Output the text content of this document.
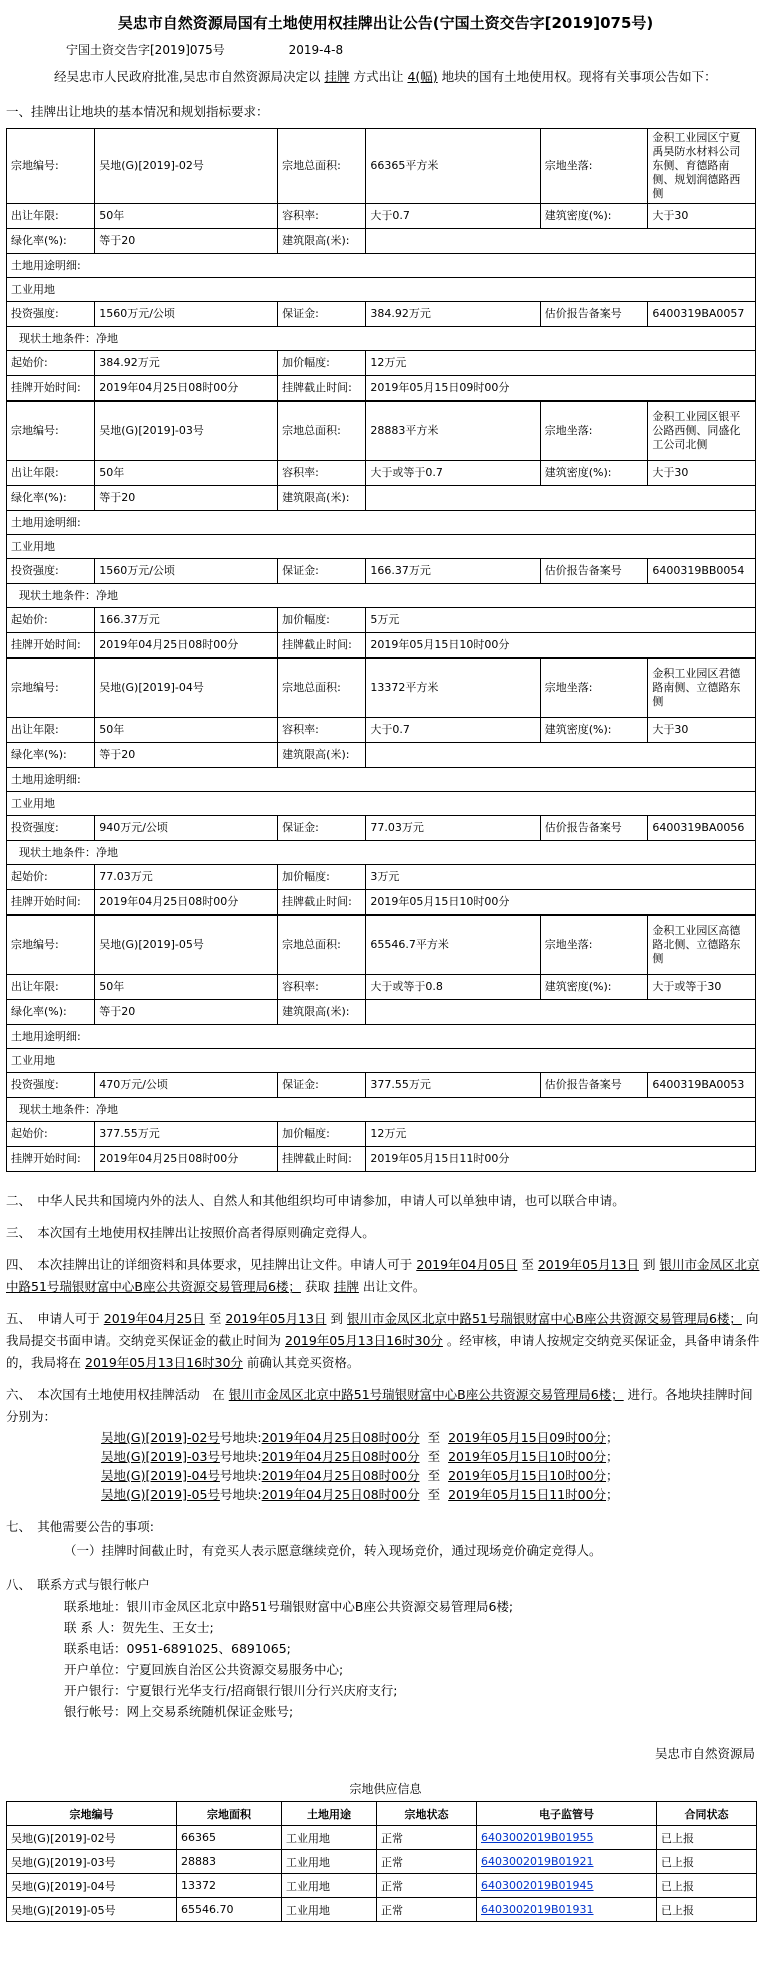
吴忠市自然资源局国有土地使用权挂牌出让公告(宁国土资交告字[2019]075号)
宁国土资交告字[2019]075号	2019-4-8
经吴忠市人民政府批准,吴忠市自然资源局决定以 挂牌 方式出让 4(幅) 地块的国有土地使用权。现将有关事项公告如下：
一、挂牌出让地块的基本情况和规划指标要求：
宗地编号:	吴地(G)[2019]-02号	宗地总面积:	66365平方米	宗地坐落:	金积工业园区宁夏禹昊防水材料公司东侧、育德路南侧、规划润德路西侧
出让年限:	50年	容积率:	大于0.7	建筑密度(%):	大于30
绿化率(%):	等于20	建筑限高(米):			
土地用途明细:					
工业用地					
投资强度:	1560万元/公顷	保证金:	384.92万元	估价报告备案号	6400319BA0057
现状土地条件：净地					
起始价:	384.92万元	加价幅度:	12万元		
挂牌开始时间:	2019年04月25日08时00分	挂牌截止时间:	2019年05月15日09时00分		
宗地编号:	吴地(G)[2019]-03号	宗地总面积:	28883平方米	宗地坐落:	金积工业园区银平公路西侧、同盛化工公司北侧
出让年限:	50年	容积率:	大于或等于0.7	建筑密度(%):	大于30
绿化率(%):	等于20	建筑限高(米):			
土地用途明细:					
工业用地					
投资强度:	1560万元/公顷	保证金:	166.37万元	估价报告备案号	6400319BB0054
现状土地条件：净地					
起始价:	166.37万元	加价幅度:	5万元		
挂牌开始时间:	2019年04月25日08时00分	挂牌截止时间:	2019年05月15日10时00分		
宗地编号:	吴地(G)[2019]-04号	宗地总面积:	13372平方米	宗地坐落:	金积工业园区君德路南侧、立德路东侧
出让年限:	50年	容积率:	大于0.7	建筑密度(%):	大于30
绿化率(%):	等于20	建筑限高(米):			
土地用途明细:					
工业用地					
投资强度:	940万元/公顷	保证金:	77.03万元	估价报告备案号	6400319BA0056
现状土地条件：净地					
起始价:	77.03万元	加价幅度:	3万元		
挂牌开始时间:	2019年04月25日08时00分	挂牌截止时间:	2019年05月15日10时00分		
宗地编号:	吴地(G)[2019]-05号	宗地总面积:	65546.7平方米	宗地坐落:	金积工业园区高德路北侧、立德路东侧
出让年限:	50年	容积率:	大于或等于0.8	建筑密度(%):	大于或等于30
绿化率(%):	等于20	建筑限高(米):			
土地用途明细:					
工业用地					
投资强度:	470万元/公顷	保证金:	377.55万元	估价报告备案号	6400319BA0053
现状土地条件：净地					
起始价:	377.55万元	加价幅度:	12万元		
挂牌开始时间:	2019年04月25日08时00分	挂牌截止时间:	2019年05月15日11时00分		
二、　中华人民共和国境内外的法人、自然人和其他组织均可申请参加，申请人可以单独申请，也可以联合申请。
三、　本次国有土地使用权挂牌出让按照价高者得原则确定竞得人。
四、　本次挂牌出让的详细资料和具体要求，见挂牌出让文件。申请人可于 2019年04月05日 至 2019年05月13日 到 银川市金凤区北京中路51号瑞银财富中心B座公共资源交易管理局6楼； 获取 挂牌 出让文件。
五、　申请人可于 2019年04月25日 至 2019年05月13日 到 银川市金凤区北京中路51号瑞银财富中心B座公共资源交易管理局6楼； 向我局提交书面申请。交纳竞买保证金的截止时间为 2019年05月13日16时30分 。经审核，申请人按规定交纳竞买保证金，具备申请条件的，我局将在 2019年05月13日16时30分 前确认其竞买资格。
六、　本次国有土地使用权挂牌活动　在 银川市金凤区北京中路51号瑞银财富中心B座公共资源交易管理局6楼； 进行。各地块挂牌时间分别为：
吴地(G)[2019]-02号号地块:2019年04月25日08时00分 至 2019年05月15日09时00分；
吴地(G)[2019]-03号号地块:2019年04月25日08时00分 至 2019年05月15日10时00分；
吴地(G)[2019]-04号号地块:2019年04月25日08时00分 至 2019年05月15日10时00分；
吴地(G)[2019]-05号号地块:2019年04月25日08时00分 至 2019年05月15日11时00分；
七、　其他需要公告的事项:
（一）挂牌时间截止时，有竞买人表示愿意继续竞价，转入现场竞价，通过现场竞价确定竞得人。
八、　联系方式与银行帐户
联系地址：银川市金凤区北京中路51号瑞银财富中心B座公共资源交易管理局6楼;
联 系 人：贺先生、王女士;
联系电话：0951-6891025、6891065;
开户单位：宁夏回族自治区公共资源交易服务中心;
开户银行：宁夏银行光华支行/招商银行银川分行兴庆府支行;
银行帐号：网上交易系统随机保证金账号;
吴忠市自然资源局
宗地供应信息
宗地编号	宗地面积	土地用途	宗地状态	电子监管号	合同状态
吴地(G)[2019]-02号	66365	工业用地	正常	6403002019B01955	已上报
吴地(G)[2019]-03号	28883	工业用地	正常	6403002019B01921	已上报
吴地(G)[2019]-04号	13372	工业用地	正常	6403002019B01945	已上报
吴地(G)[2019]-05号	65546.70	工业用地	正常	6403002019B01931	已上报
